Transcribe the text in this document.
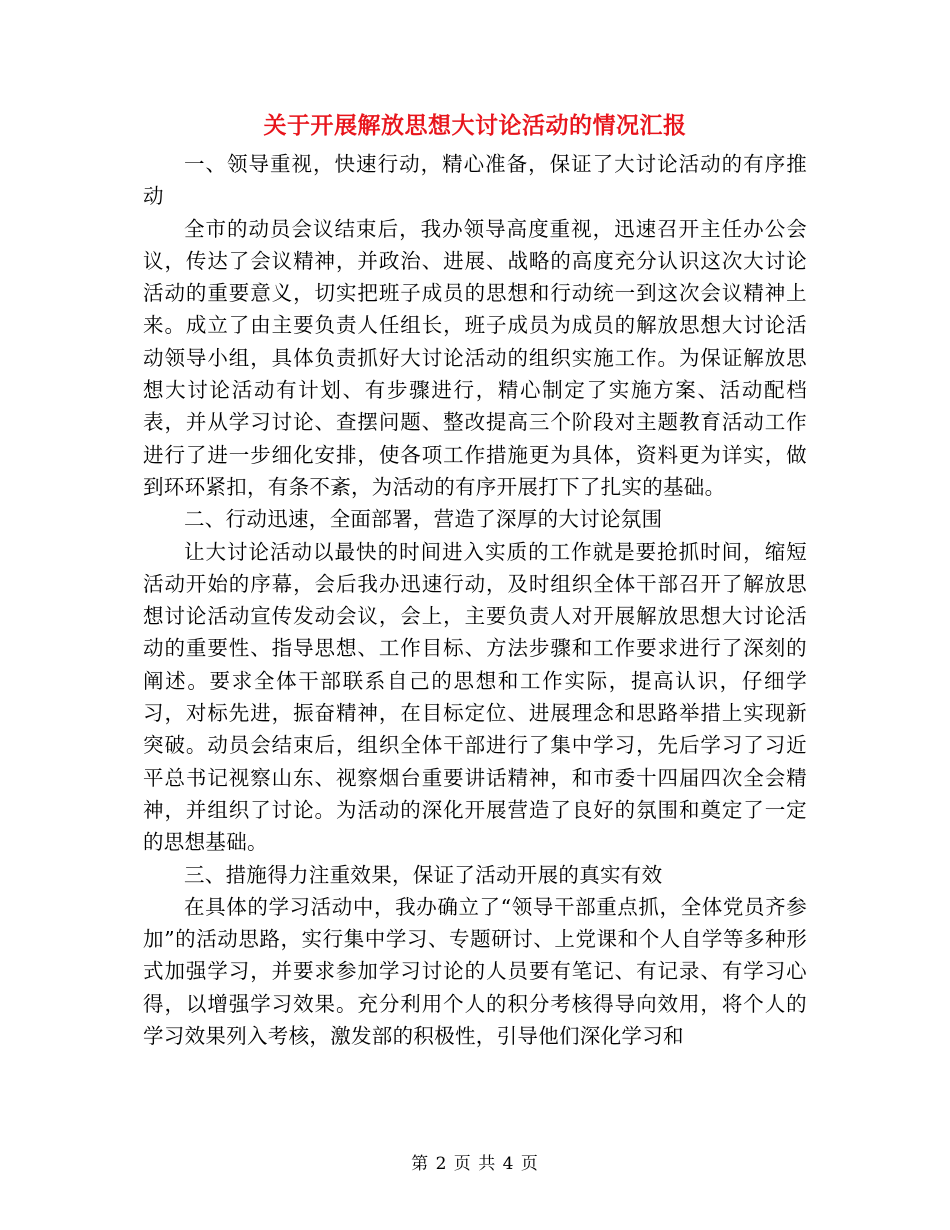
关于开展解放思想大讨论活动的情况汇报

一、领导重视，快速行动，精心准备，保证了大讨论活动的有序推动

全市的动员会议结束后，我办领导高度重视，迅速召开主任办公会议，传达了会议精神，并政治、进展、战略的高度充分认识这次大讨论活动的重要意义，切实把班子成员的思想和行动统一到这次会议精神上来。成立了由主要负责人任组长，班子成员为成员的解放思想大讨论活动领导小组，具体负责抓好大讨论活动的组织实施工作。为保证解放思想大讨论活动有计划、有步骤进行，精心制定了实施方案、活动配档表，并从学习讨论、查摆问题、整改提高三个阶段对主题教育活动工作进行了进一步细化安排，使各项工作措施更为具体，资料更为详实，做到环环紧扣，有条不紊，为活动的有序开展打下了扎实的基础。

二、行动迅速，全面部署，营造了深厚的大讨论氛围

让大讨论活动以最快的时间进入实质的工作就是要抢抓时间，缩短活动开始的序幕，会后我办迅速行动，及时组织全体干部召开了解放思想讨论活动宣传发动会议，会上，主要负责人对开展解放思想大讨论活动的重要性、指导思想、工作目标、方法步骤和工作要求进行了深刻的阐述。要求全体干部联系自己的思想和工作实际，提高认识，仔细学习，对标先进，振奋精神，在目标定位、进展理念和思路举措上实现新突破。动员会结束后，组织全体干部进行了集中学习，先后学习了习近平总书记视察山东、视察烟台重要讲话精神，和市委十四届四次全会精神，并组织了讨论。为活动的深化开展营造了良好的氛围和奠定了一定的思想基础。

三、措施得力注重效果，保证了活动开展的真实有效

在具体的学习活动中，我办确立了“领导干部重点抓，全体党员齐参加”的活动思路，实行集中学习、专题研讨、上党课和个人自学等多种形式加强学习，并要求参加学习讨论的人员要有笔记、有记录、有学习心得，以增强学习效果。充分利用个人的积分考核得导向效用，将个人的学习效果列入考核，激发部的积极性，引导他们深化学习和

第 2 页 共 4 页
